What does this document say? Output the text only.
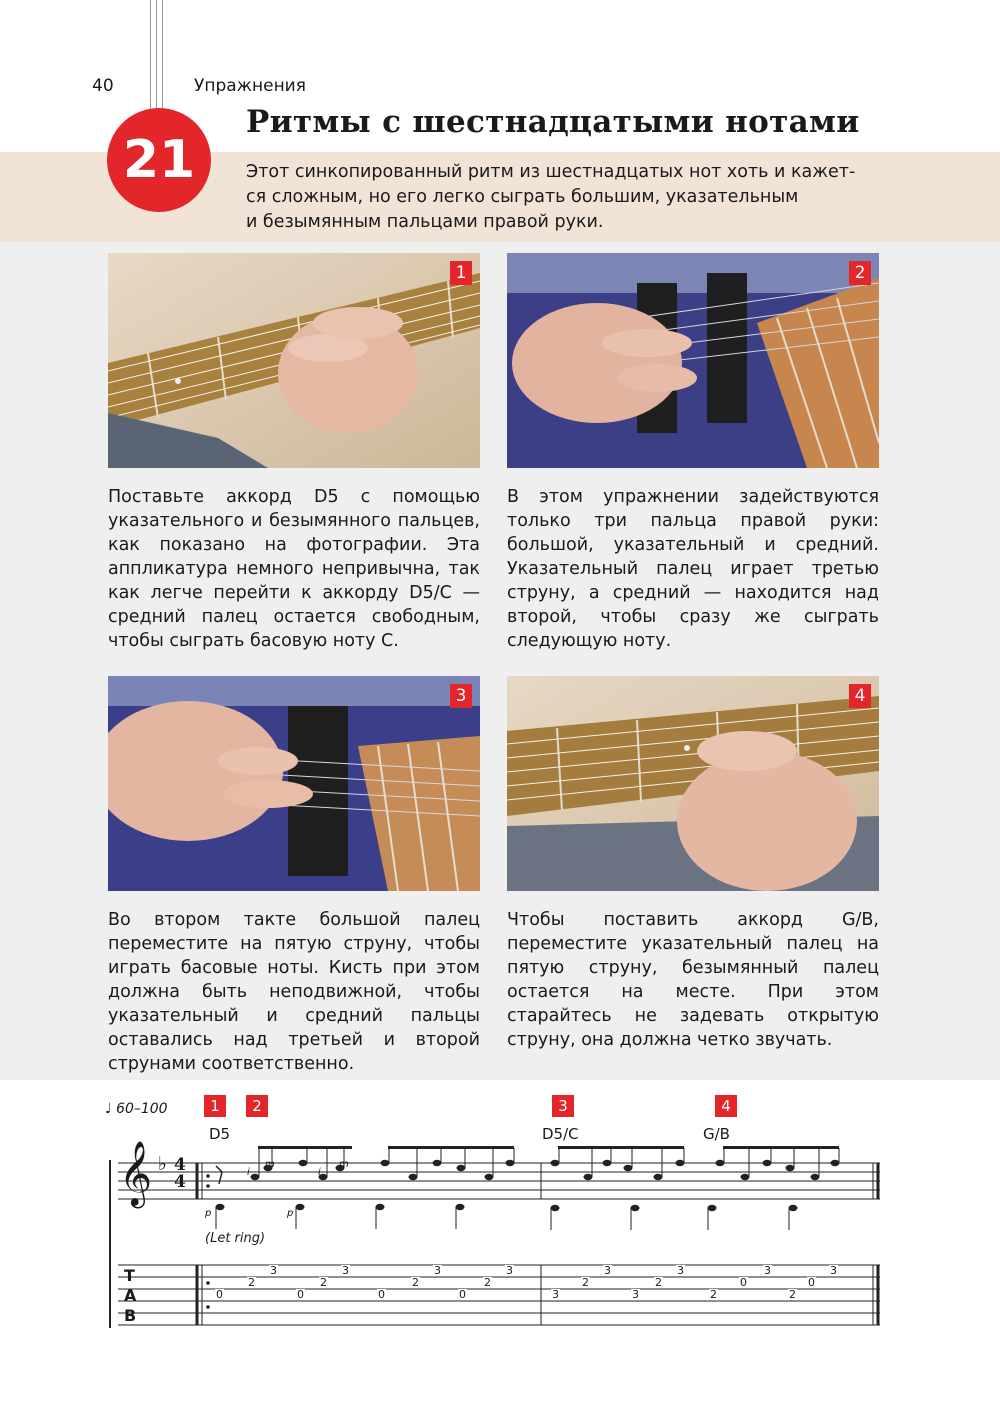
40	Упражнения
21
Ритмы с шестнадцатыми нотами
Этот синкопированный ритм из шестнадцатых нот хоть и кажет-
ся сложным, но его легко сыграть большим, указательным
и безымянным пальцами правой руки.
1	2
Поставьте аккорд D5 с помощью указательного и безымянного пальцев, как показано на фотографии. Эта аппликатура немного непривычна, так как легче перейти к аккорду D5/C — средний палец остается свободным, чтобы сыграть басовую ноту C.
В этом упражнении задействуются только три пальца правой руки: большой, указательный и средний. Указательный палец играет третью струну, а средний — находится над второй, чтобы сразу же сыграть следующую ноту.
3	4
Во втором такте большой палец переместите на пятую струну, чтобы играть басовые ноты. Кисть при этом должна быть неподвижной, чтобы указательный и средний пальцы оставались над третьей и второй струнами соответственно.
Чтобы поставить аккорд G/B, переместите указательный палец на пятую струну, безымянный палец остается на месте. При этом старайтесь не задевать открытую струну, она должна четко звучать.
♩ 60–100	1	2	3	4
D5	D5/C	G/B
𝄞 ♭ 4
4
p
i
m
p
i
m
(Let ring)
T
A
B
3	3	3	3
2	2	2	2
0	0	0	0
3	3	3	3
2	2	0	0
3	3	2	2
